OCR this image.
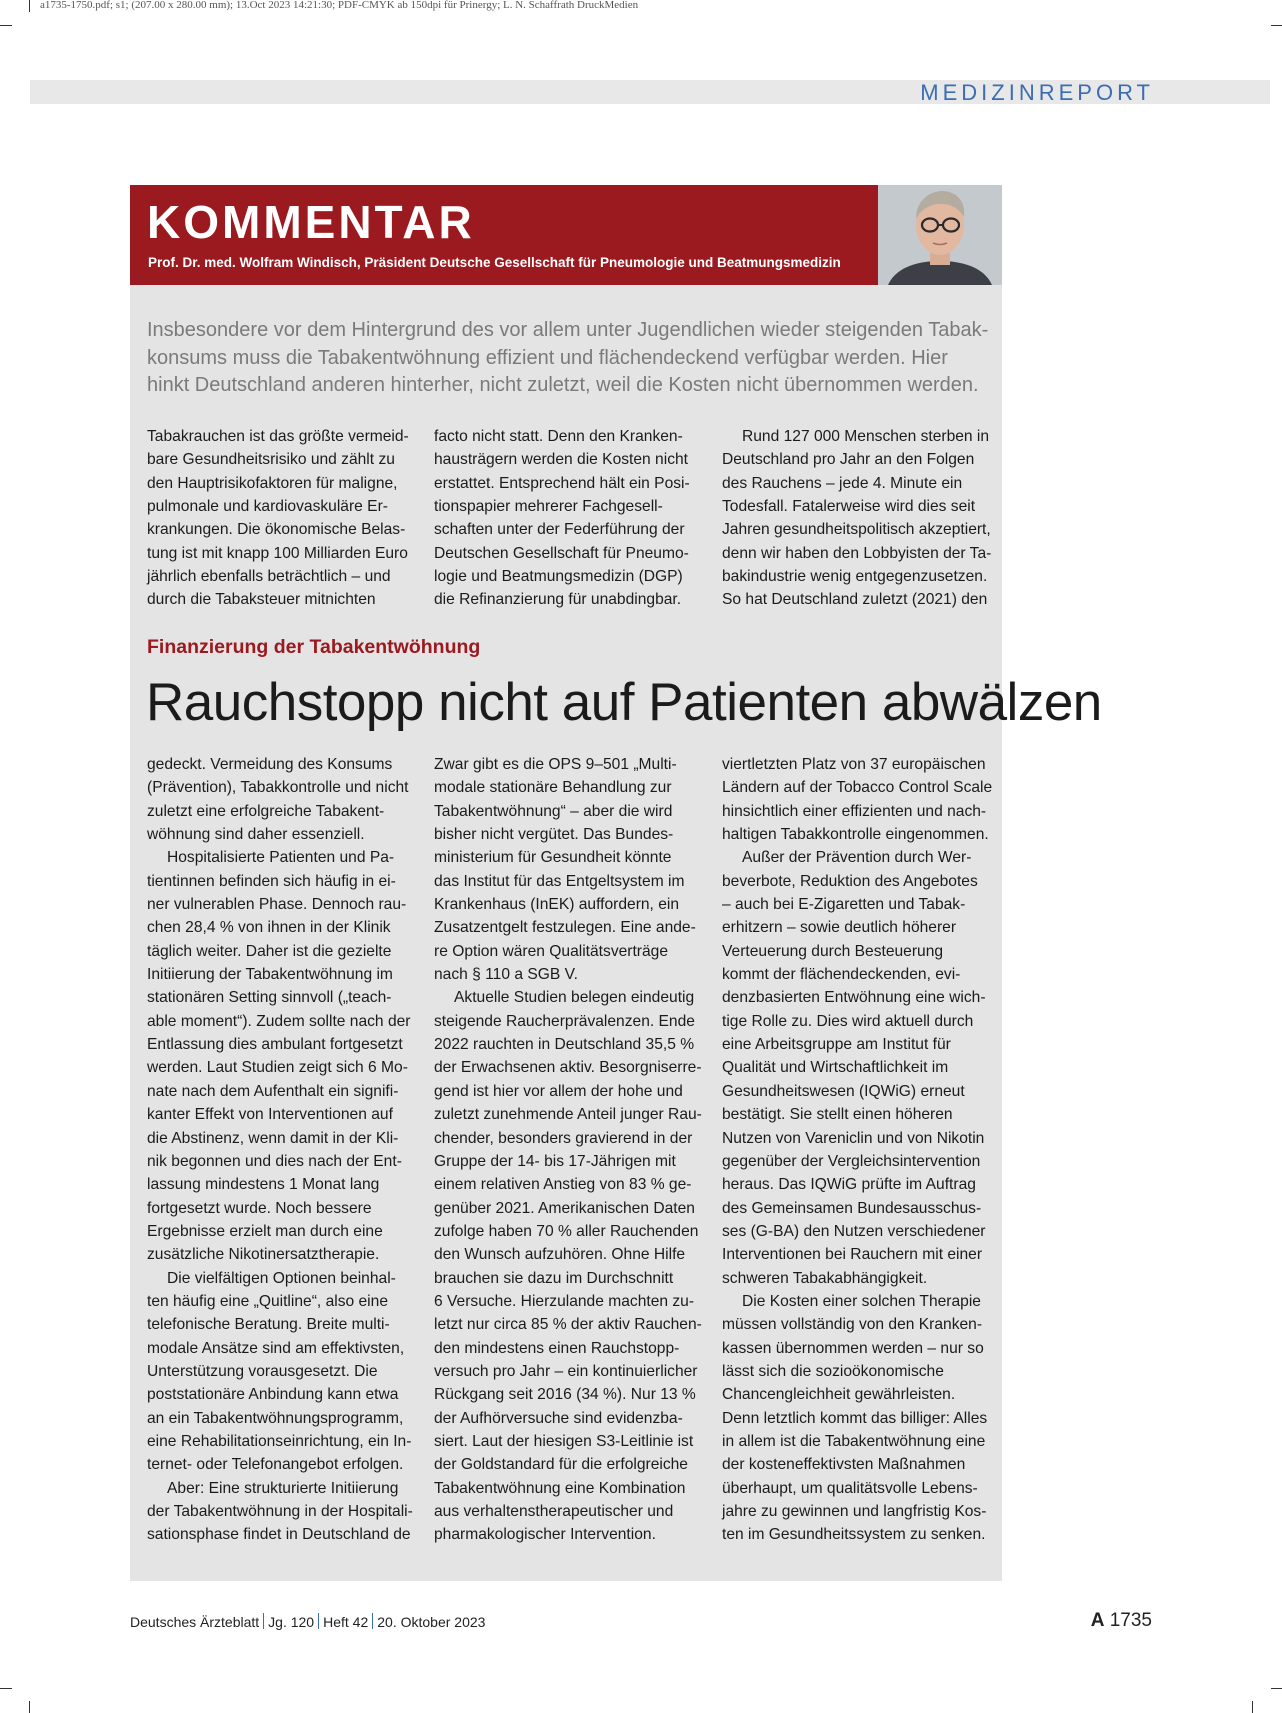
a1735-1750.pdf; s1; (207.00 x 280.00 mm); 13.Oct 2023 14:21:30; PDF-CMYK ab 150dpi für Prinergy; L. N. Schaffrath DruckMedien
MEDIZINREPORT
KOMMENTAR
Prof. Dr. med. Wolfram Windisch, Präsident Deutsche Gesellschaft für Pneumologie und Beatmungsmedizin
Insbesondere vor dem Hintergrund des vor allem unter Jugendlichen wieder steigenden Tabak-
konsums muss die Tabakentwöhnung effizient und flächendeckend verfügbar werden. Hier
hinkt Deutschland anderen hinterher, nicht zuletzt, weil die Kosten nicht übernommen werden.
Tabakrauchen ist das größte vermeid-
bare Gesundheitsrisiko und zählt zu
den Hauptrisikofaktoren für maligne,
pulmonale und kardiovaskuläre Er-
krankungen. Die ökonomische Belas-
tung ist mit knapp 100 Milliarden Euro
jährlich ebenfalls beträchtlich – und
durch die Tabaksteuer mitnichten
facto nicht statt. Denn den Kranken-
hausträgern werden die Kosten nicht
erstattet. Entsprechend hält ein Posi-
tionspapier mehrerer Fachgesell-
schaften unter der Federführung der
Deutschen Gesellschaft für Pneumo-
logie und Beatmungsmedizin (DGP)
die Refinanzierung für unabdingbar.
Rund 127 000 Menschen sterben in
Deutschland pro Jahr an den Folgen
des Rauchens – jede 4. Minute ein
Todesfall. Fatalerweise wird dies seit
Jahren gesundheitspolitisch akzeptiert,
denn wir haben den Lobbyisten der Ta-
bakindustrie wenig entgegenzusetzen.
So hat Deutschland zuletzt (2021) den
Finanzierung der Tabakentwöhnung
Rauchstopp nicht auf Patienten abwälzen
gedeckt. Vermeidung des Konsums
(Prävention), Tabakkontrolle und nicht
zuletzt eine erfolgreiche Tabakent-
wöhnung sind daher essenziell.
Hospitalisierte Patienten und Pa-
tientinnen befinden sich häufig in ei-
ner vulnerablen Phase. Dennoch rau-
chen 28,4 % von ihnen in der Klinik
täglich weiter. Daher ist die gezielte
Initiierung der Tabakentwöhnung im
stationären Setting sinnvoll („teach-
able moment“). Zudem sollte nach der
Entlassung dies ambulant fortgesetzt
werden. Laut Studien zeigt sich 6 Mo-
nate nach dem Aufenthalt ein signifi-
kanter Effekt von Interventionen auf
die Abstinenz, wenn damit in der Kli-
nik begonnen und dies nach der Ent-
lassung mindestens 1 Monat lang
fortgesetzt wurde. Noch bessere
Ergebnisse erzielt man durch eine
zusätzliche Nikotinersatztherapie.
Die vielfältigen Optionen beinhal-
ten häufig eine „Quitline“, also eine
telefonische Beratung. Breite multi-
modale Ansätze sind am effektivsten,
Unterstützung vorausgesetzt. Die
poststationäre Anbindung kann etwa
an ein Tabakentwöhnungsprogramm,
eine Rehabilitationseinrichtung, ein In-
ternet- oder Telefonangebot erfolgen.
Aber: Eine strukturierte Initiierung
der Tabakentwöhnung in der Hospitali-
sationsphase findet in Deutschland de
Zwar gibt es die OPS 9–501 „Multi-
modale stationäre Behandlung zur
Tabakentwöhnung“ – aber die wird
bisher nicht vergütet. Das Bundes-
ministerium für Gesundheit könnte
das Institut für das Entgeltsystem im
Krankenhaus (InEK) auffordern, ein
Zusatzentgelt festzulegen. Eine ande-
re Option wären Qualitätsverträge
nach § 110 a SGB V.
Aktuelle Studien belegen eindeutig
steigende Raucherprävalenzen. Ende
2022 rauchten in Deutschland 35,5 %
der Erwachsenen aktiv. Besorgniserre-
gend ist hier vor allem der hohe und
zuletzt zunehmende Anteil junger Rau-
chender, besonders gravierend in der
Gruppe der 14- bis 17-Jährigen mit
einem relativen Anstieg von 83 % ge-
genüber 2021. Amerikanischen Daten
zufolge haben 70 % aller Rauchenden
den Wunsch aufzuhören. Ohne Hilfe
brauchen sie dazu im Durchschnitt
6 Versuche. Hierzulande machten zu-
letzt nur circa 85 % der aktiv Rauchen-
den mindestens einen Rauchstopp-
versuch pro Jahr – ein kontinuierlicher
Rückgang seit 2016 (34 %). Nur 13 %
der Aufhörversuche sind evidenzba-
siert. Laut der hiesigen S3-Leitlinie ist
der Goldstandard für die erfolgreiche
Tabakentwöhnung eine Kombination
aus verhaltenstherapeutischer und
pharmakologischer Intervention.
viertletzten Platz von 37 europäischen
Ländern auf der Tobacco Control Scale
hinsichtlich einer effizienten und nach-
haltigen Tabakkontrolle eingenommen.
Außer der Prävention durch Wer-
beverbote, Reduktion des Angebotes
– auch bei E-Zigaretten und Tabak-
erhitzern – sowie deutlich höherer
Verteuerung durch Besteuerung
kommt der flächendeckenden, evi-
denzbasierten Entwöhnung eine wich-
tige Rolle zu. Dies wird aktuell durch
eine Arbeitsgruppe am Institut für
Qualität und Wirtschaftlichkeit im
Gesundheitswesen (IQWiG) erneut
bestätigt. Sie stellt einen höheren
Nutzen von Vareniclin und von Nikotin
gegenüber der Vergleichsintervention
heraus. Das IQWiG prüfte im Auftrag
des Gemeinsamen Bundesausschus-
ses (G-BA) den Nutzen verschiedener
Interventionen bei Rauchern mit einer
schweren Tabakabhängigkeit.
Die Kosten einer solchen Therapie
müssen vollständig von den Kranken-
kassen übernommen werden – nur so
lässt sich die sozioökonomische
Chancengleichheit gewährleisten.
Denn letztlich kommt das billiger: Alles
in allem ist die Tabakentwöhnung eine
der kosteneffektivsten Maßnahmen
überhaupt, um qualitätsvolle Lebens-
jahre zu gewinnen und langfristig Kos-
ten im Gesundheitssystem zu senken.
Deutsches Ärzteblatt Jg. 120 Heft 42 20. Oktober 2023	A 1735
